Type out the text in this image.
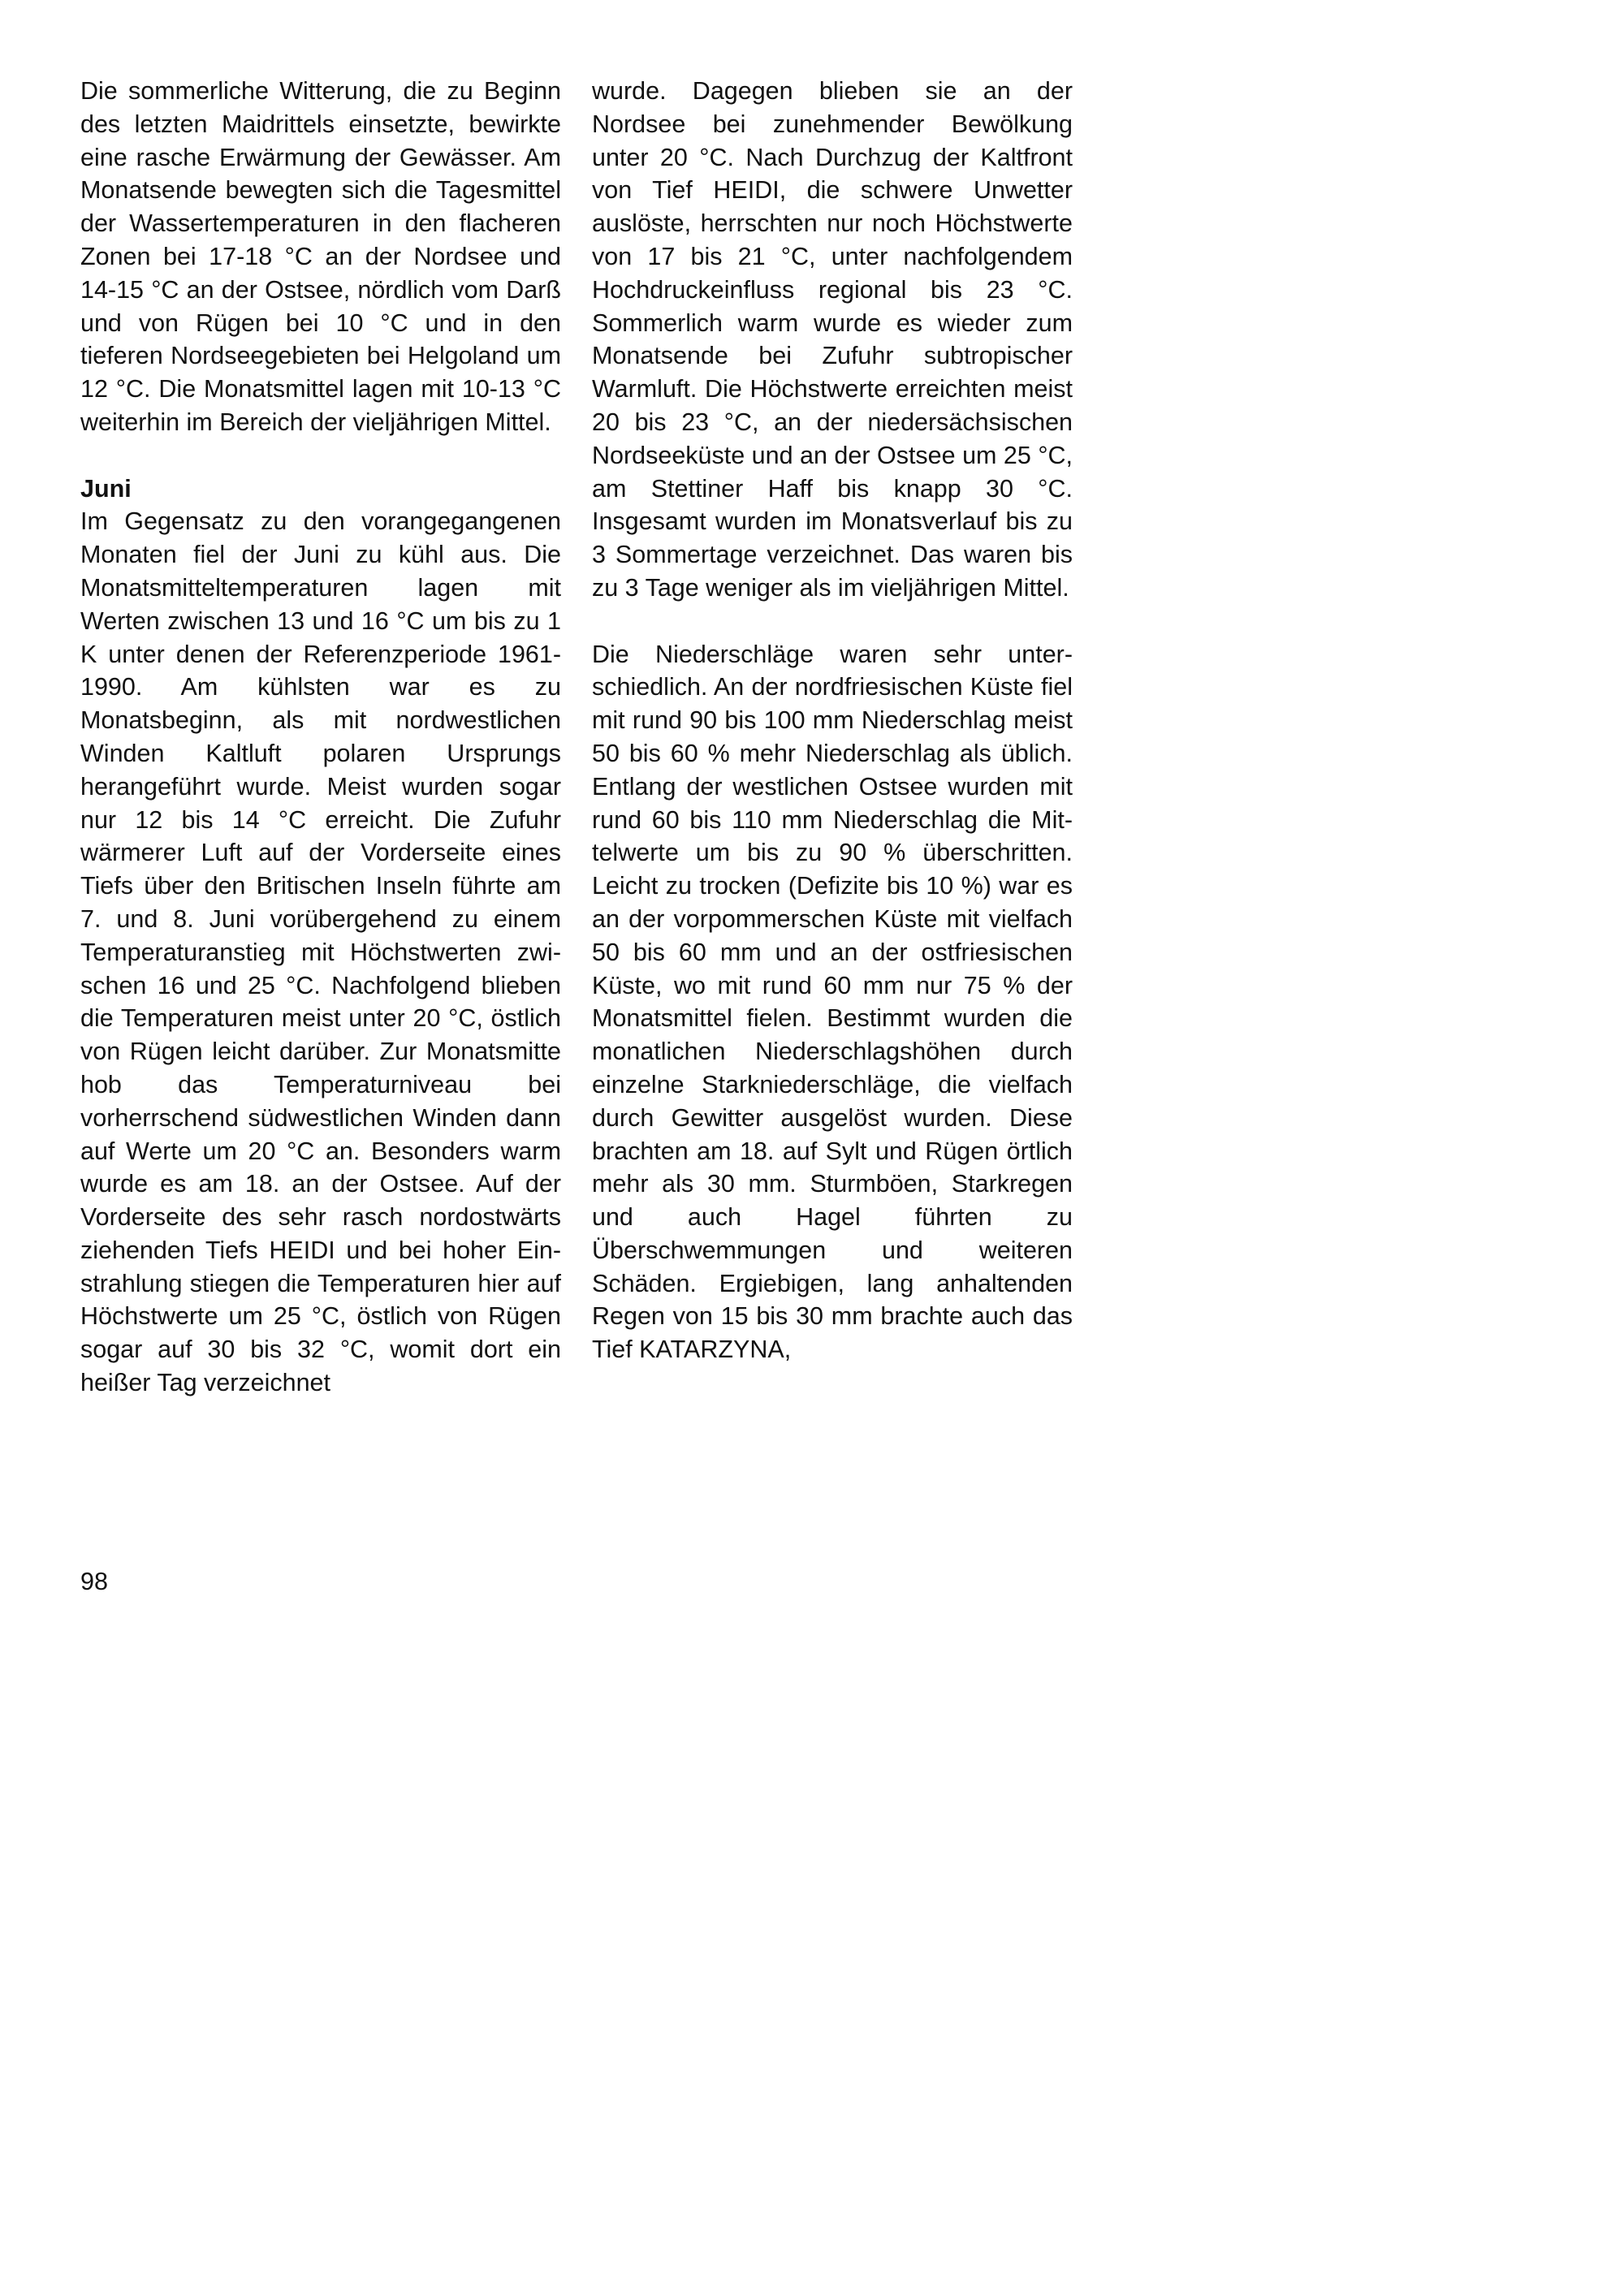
Die sommerliche Witterung, die zu Beginn des letzten Maidrittels einsetzte, bewirkte eine rasche Erwärmung der Gewässer. Am Monatsende bewegten sich die Tagesmittel der Wassertemperaturen in den flacheren Zonen bei 17-18 °C an der Nordsee und 14-15 °C an der Ostsee, nördlich vom Darß und von Rügen bei 10 °C und in den tieferen Nordseegebieten bei Helgoland um 12 °C. Die Monatsmittel lagen mit 10-13 °C weiterhin im Bereich der vieljährigen Mittel.

Juni

Im Gegensatz zu den vorangegangenen Monaten fiel der Juni zu kühl aus. Die Monatsmitteltemperaturen lagen mit Werten zwischen 13 und 16 °C um bis zu 1 K unter denen der Referenzperiode 1961-1990. Am kühlsten war es zu Monatsbeginn, als mit nordwestlichen Winden Kaltluft polaren Ursprungs herangeführt wurde. Meist wurden sogar nur 12 bis 14 °C erreicht. Die Zufuhr wärmerer Luft auf der Vorderseite eines Tiefs über den Britischen Inseln führte am 7. und 8. Juni vorübergehend zu einem Temperaturanstieg mit Höchstwerten zwischen 16 und 25 °C. Nachfolgend blieben die Temperaturen meist unter 20 °C, östlich von Rügen leicht darüber. Zur Monatsmitte hob das Temperaturniveau bei vorherrschend südwestlichen Winden dann auf Werte um 20 °C an. Besonders warm wurde es am 18. an der Ostsee. Auf der Vorderseite des sehr rasch nordostwärts ziehenden Tiefs HEIDI und bei hoher Einstrahlung stiegen die Temperaturen hier auf Höchstwerte um 25 °C, östlich von Rügen sogar auf 30 bis 32 °C, womit dort ein heißer Tag verzeichnet

wurde. Dagegen blieben sie an der Nordsee bei zunehmender Bewölkung unter 20 °C. Nach Durchzug der Kaltfront von Tief HEIDI, die schwere Unwetter auslöste, herrschten nur noch Höchstwerte von 17 bis 21 °C, unter nachfolgendem Hochdruckeinfluss regional bis 23 °C. Sommerlich warm wurde es wieder zum Monatsende bei Zufuhr subtropischer Warmluft. Die Höchstwerte erreichten meist 20 bis 23 °C, an der niedersächsischen Nordseeküste und an der Ostsee um 25 °C, am Stettiner Haff bis knapp 30 °C. Insgesamt wurden im Monatsverlauf bis zu 3 Sommertage verzeichnet. Das waren bis zu 3 Tage weniger als im vieljährigen Mittel.

Die Niederschläge waren sehr unterschiedlich. An der nordfriesischen Küste fiel mit rund 90 bis 100 mm Niederschlag meist 50 bis 60 % mehr Niederschlag als üblich. Entlang der westlichen Ostsee wurden mit rund 60 bis 110 mm Niederschlag die Mittelwerte um bis zu 90 % überschritten. Leicht zu trocken (Defizite bis 10 %) war es an der vorpommerschen Küste mit vielfach 50 bis 60 mm und an der ostfriesischen Küste, wo mit rund 60 mm nur 75 % der Monatsmittel fielen. Bestimmt wurden die monatlichen Niederschlagshöhen durch einzelne Starkniederschläge, die vielfach durch Gewitter ausgelöst wurden. Diese brachten am 18. auf Sylt und Rügen örtlich mehr als 30 mm. Sturmböen, Starkregen und auch Hagel führten zu Überschwemmungen und weiteren Schäden. Ergiebigen, lang anhaltenden Regen von 15 bis 30 mm brachte auch das Tief KATARZYNA,

98
